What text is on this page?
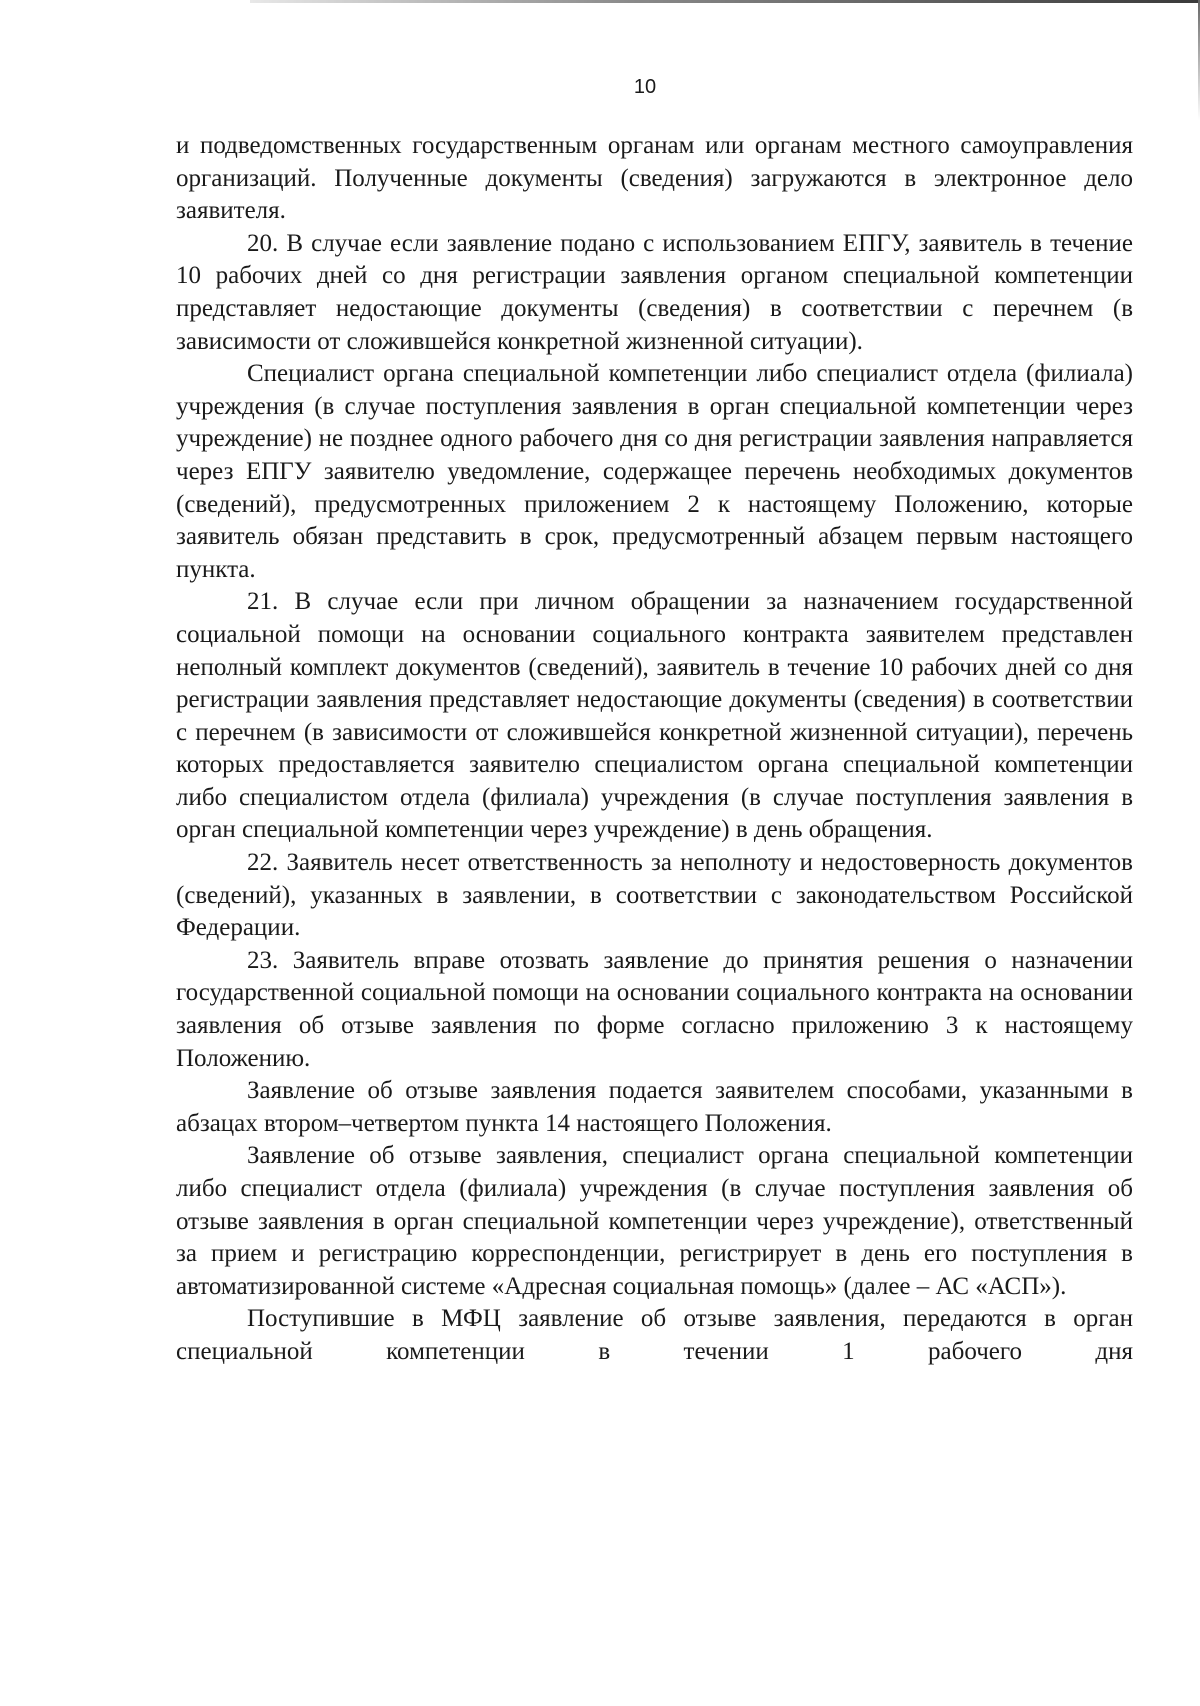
10

и подведомственных государственным органам или органам местного самоуправления организаций. Полученные документы (сведения) загружаются в электронное дело заявителя.

20. В случае если заявление подано с использованием ЕПГУ, заявитель в течение 10 рабочих дней со дня регистрации заявления органом специальной компетенции представляет недостающие документы (сведения) в соответствии с перечнем (в зависимости от сложившейся конкретной жизненной ситуации).

Специалист органа специальной компетенции либо специалист отдела (филиала) учреждения (в случае поступления заявления в орган специальной компетенции через учреждение) не позднее одного рабочего дня со дня регистрации заявления направляется через ЕПГУ заявителю уведомление, содержащее перечень необходимых документов (сведений), предусмотренных приложением 2 к настоящему Положению, которые заявитель обязан представить в срок, предусмотренный абзацем первым настоящего пункта.

21. В случае если при личном обращении за назначением государственной социальной помощи на основании социального контракта заявителем представлен неполный комплект документов (сведений), заявитель в течение 10 рабочих дней со дня регистрации заявления представляет недостающие документы (сведения) в соответствии с перечнем (в зависимости от сложившейся конкретной жизненной ситуации), перечень которых предоставляется заявителю специалистом органа специальной компетенции либо специалистом отдела (филиала) учреждения (в случае поступления заявления в орган специальной компетенции через учреждение) в день обращения.

22. Заявитель несет ответственность за неполноту и недостоверность документов (сведений), указанных в заявлении, в соответствии с законодательством Российской Федерации.

23. Заявитель вправе отозвать заявление до принятия решения о назначении государственной социальной помощи на основании социального контракта на основании заявления об отзыве заявления по форме согласно приложению 3 к настоящему Положению.

Заявление об отзыве заявления подается заявителем способами, указанными в абзацах втором–четвертом пункта 14 настоящего Положения.

Заявление об отзыве заявления, специалист органа специальной компетенции либо специалист отдела (филиала) учреждения (в случае поступления заявления об отзыве заявления в орган специальной компетенции через учреждение), ответственный за прием и регистрацию корреспонденции, регистрирует в день его поступления в автоматизированной системе «Адресная социальная помощь» (далее – АС «АСП»).

Поступившие в МФЦ заявление об отзыве заявления, передаются в орган специальной компетенции в течении 1 рабочего дня
